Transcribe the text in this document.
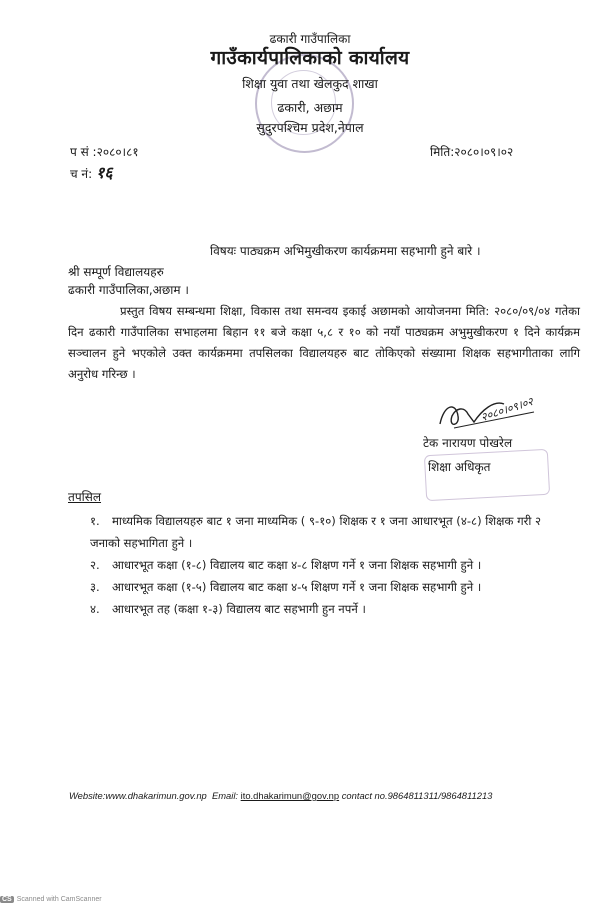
ढकारी गाउँपालिका
गाउँकार्यपालिकाको कार्यालय
शिक्षा युवा तथा खेलकुद शाखा
ढकारी, अछाम
सुदुरपश्चिम प्रदेश,नेपाल
प सं :२०८०।८१
च नं: १६
मिति:२०८०।०९।०२
विषयः पाठ्यक्रम अभिमुखीकरण कार्यक्रममा सहभागी हुने बारे ।
श्री सम्पूर्ण विद्यालयहरु
ढकारी गाउँपालिका,अछाम ।
प्रस्तुत विषय सम्बन्धमा शिक्षा, विकास तथा समन्वय इकाई अछामको आयोजनमा मिति: २०८०/०९/०४ गतेका दिन ढकारी गाउँपालिका सभाहलमा बिहान ११ बजे कक्षा ५,८ र १० को नयाँ पाठ्यक्रम अभुमुखीकरण १ दिने कार्यक्रम सञ्चालन हुने भएकोले उक्त कार्यक्रममा तपसिलका विद्यालयहरु बाट तोकिएको संख्यामा शिक्षक सहभागीताका लागि अनुरोध गरिन्छ ।
२०८०।०९।०२
टेक नारायण पोखरेल
शिक्षा अधिकृत
तपसिल
१. माध्यमिक विद्यालयहरु बाट १ जना माध्यमिक ( ९-१०) शिक्षक र १ जना आधारभूत (४-८) शिक्षक गरी २ जनाको सहभागिता हुने ।
२. आधारभूत कक्षा (१-८) विद्यालय बाट कक्षा ४-८ शिक्षण गर्ने १ जना शिक्षक सहभागी हुने ।
३. आधारभूत कक्षा (१-५) विद्यालय बाट कक्षा ४-५ शिक्षण गर्ने १ जना शिक्षक सहभागी हुने ।
४. आधारभूत तह (कक्षा १-३) विद्यालय बाट सहभागी हुन नपर्ने ।
Website:www.dhakarimun.gov.np Email: ito.dhakarimun@gov.np contact no.9864811311/9864811213
CS Scanned with CamScanner
